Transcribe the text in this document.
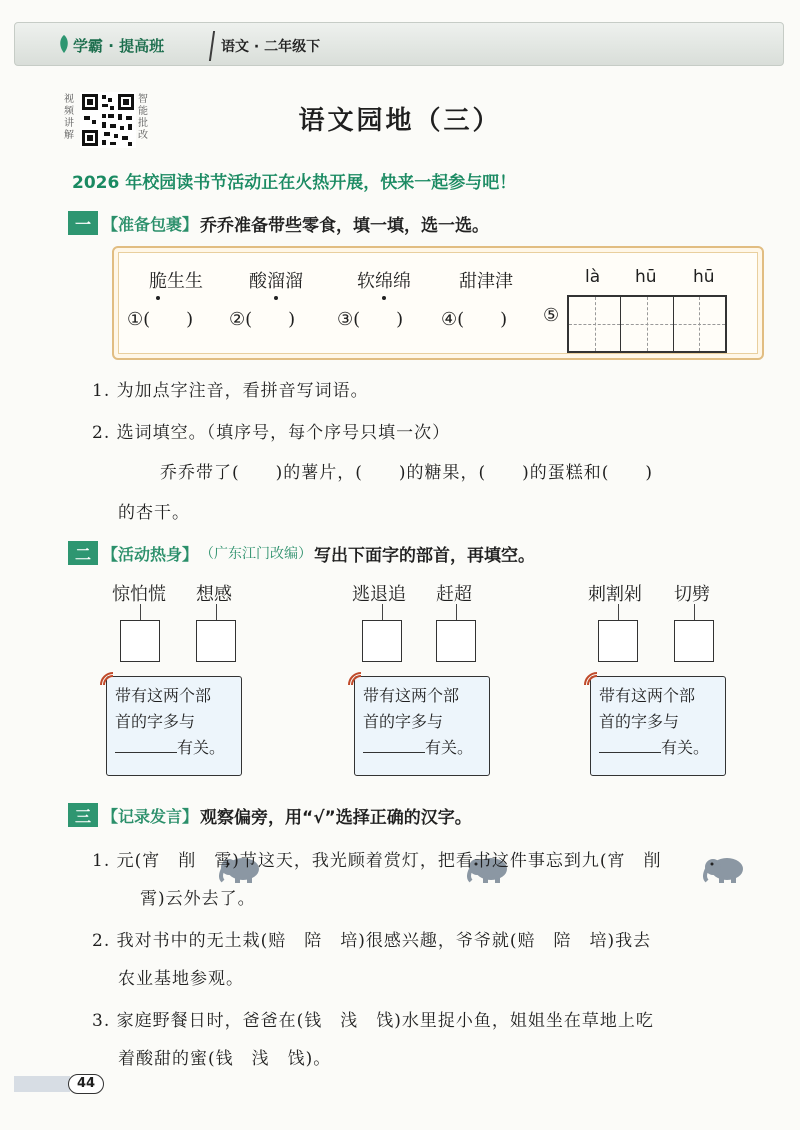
学霸 · 提高班	语文 · 二年级下
视频讲解
智能批改	语文园地（三）
2026 年校园读书节活动正在火热开展，快来一起参与吧！
一 【准备包裹】 乔乔准备带些零食，填一填，选一选。
脆生生	酸溜溜	软绵绵	甜津津	là hū hū
①(　　) ②(　　) ③(　　) ④(　　) ⑤
1. 为加点字注音，看拼音写词语。
2. 选词填空。（填序号，每个序号只填一次）
乔乔带了(　　)的薯片，(　　)的糖果，(　　)的蛋糕和(　　)
的杏干。
二 【活动热身】 （广东江门改编） 写出下面字的部首，再填空。
惊怕慌 想感
带有这两个部
首的字多与
有关。
逃退追 赶超
带有这两个部
首的字多与
有关。
刺割剁 切劈
带有这两个部
首的字多与
有关。
三 【记录发言】 观察偏旁，用“√”选择正确的汉字。
1. 元(宵　削　霄)节这天，我光顾着赏灯，把看书这件事忘到九(宵　削
霄)云外去了。
2. 我对书中的无土栽(赔　陪　培)很感兴趣，爷爷就(赔　陪　培)我去
农业基地参观。
3. 家庭野餐日时，爸爸在(钱　浅　饯)水里捉小鱼，姐姐坐在草地上吃
着酸甜的蜜(钱　浅　饯)。
44
